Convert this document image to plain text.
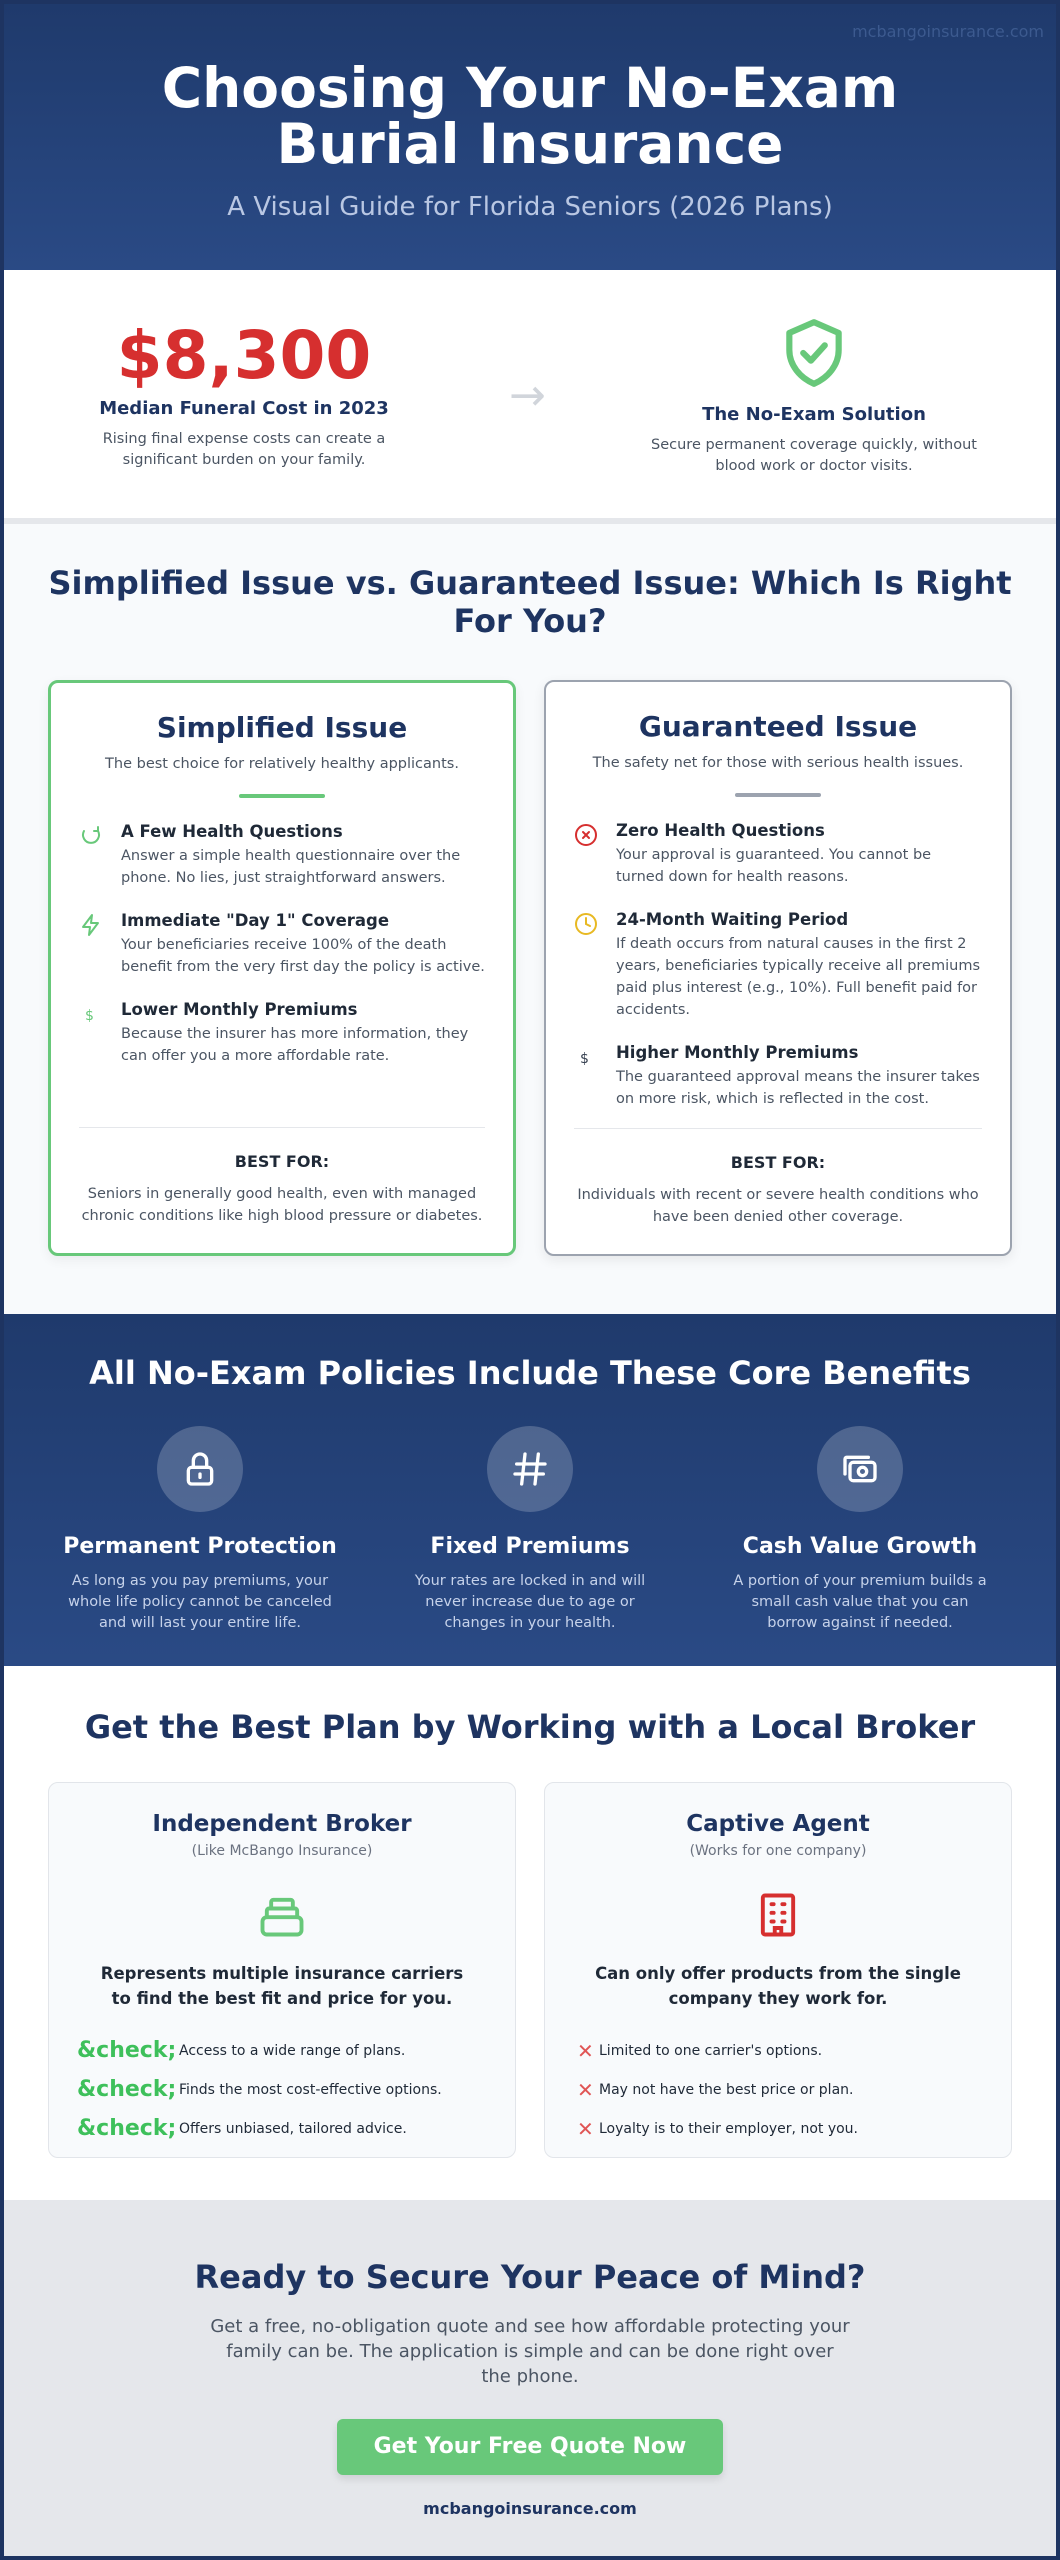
mcbangoinsurance.com
Choosing Your No-Exam Burial Insurance
A Visual Guide for Florida Seniors (2026 Plans)
$8,300
Median Funeral Cost in 2023
Rising final expense costs can create a significant burden on your family.
→	The No-Exam Solution
Secure permanent coverage quickly, without blood work or doctor visits.
Simplified Issue vs. Guaranteed Issue: Which Is Right For You?
Simplified Issue
The best choice for relatively healthy applicants.
A Few Health Questions
Answer a simple health questionnaire over the phone. No lies, just straightforward answers.
Immediate "Day 1" Coverage
Your beneficiaries receive 100% of the death benefit from the very first day the policy is active.
$ Lower Monthly Premiums
Because the insurer has more information, they can offer you a more affordable rate.
BEST FOR:
Seniors in generally good health, even with managed chronic conditions like high blood pressure or diabetes.
Guaranteed Issue
The safety net for those with serious health issues.
Zero Health Questions
Your approval is guaranteed. You cannot be turned down for health reasons.
24-Month Waiting Period
If death occurs from natural causes in the first 2 years, beneficiaries typically receive all premiums paid plus interest (e.g., 10%). Full benefit paid for accidents.
$ Higher Monthly Premiums
The guaranteed approval means the insurer takes on more risk, which is reflected in the cost.
BEST FOR:
Individuals with recent or severe health conditions who have been denied other coverage.
All No-Exam Policies Include These Core Benefits
Permanent Protection
As long as you pay premiums, your whole life policy cannot be canceled and will last your entire life.
Fixed Premiums
Your rates are locked in and will never increase due to age or changes in your health.
Cash Value Growth
A portion of your premium builds a small cash value that you can borrow against if needed.
Get the Best Plan by Working with a Local Broker
Independent Broker
(Like McBango Insurance)
Represents multiple insurance carriers to find the best fit and price for you.
&check; Access to a wide range of plans.
&check; Finds the most cost-effective options.
&check; Offers unbiased, tailored advice.
Captive Agent
(Works for one company)
Can only offer products from the single company they work for.
✕ Limited to one carrier's options.
✕ May not have the best price or plan.
✕ Loyalty is to their employer, not you.
Ready to Secure Your Peace of Mind?

Get a free, no-obligation quote and see how affordable protecting your family can be. The application is simple and can be done right over the phone.

Get Your Free Quote Now
mcbangoinsurance.com
